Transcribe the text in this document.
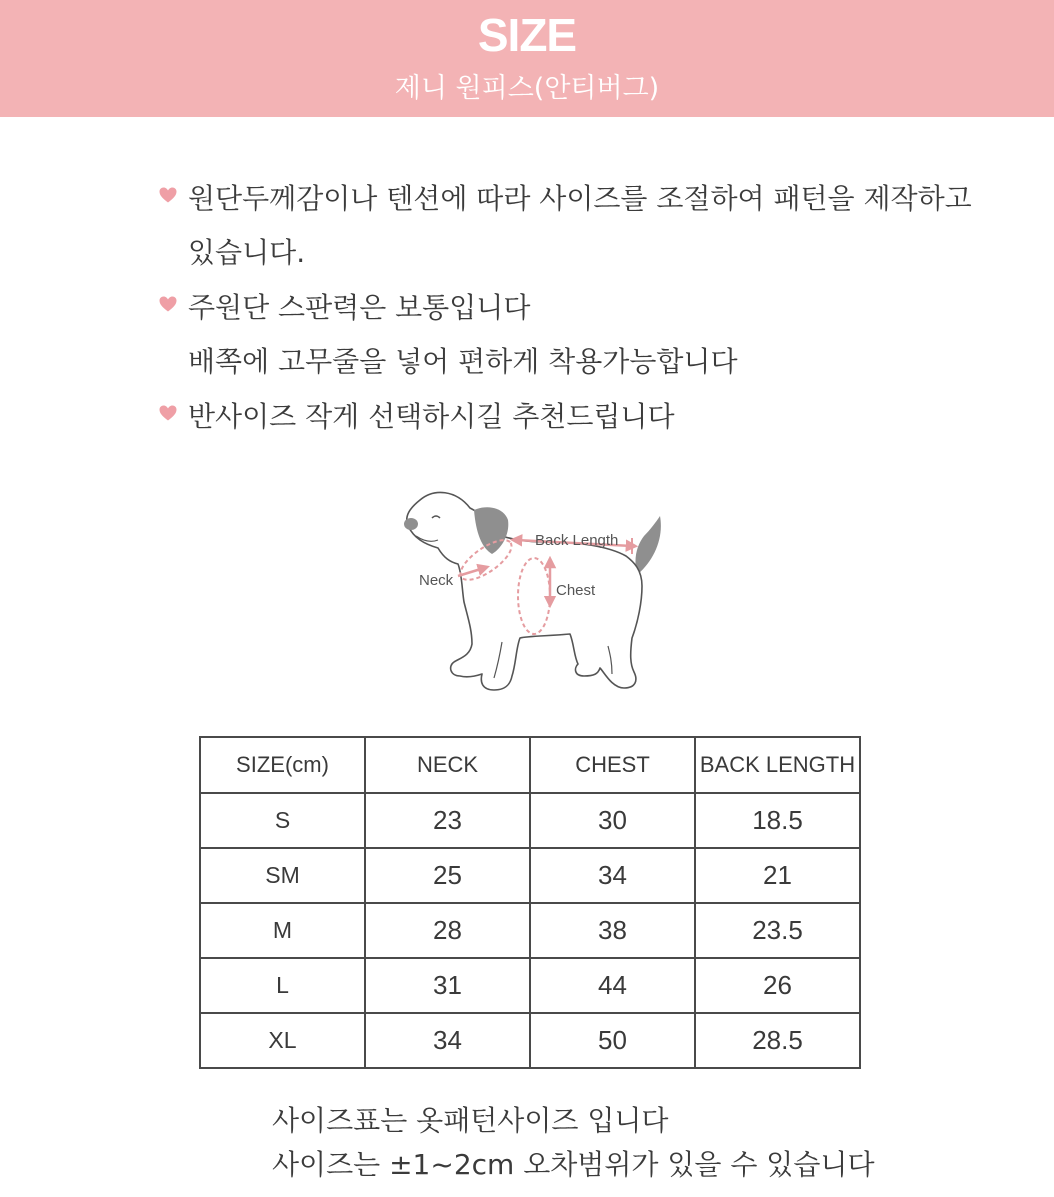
SIZE
제니 원피스(안티버그)
원단두께감이나 텐션에 따라 사이즈를 조절하여 패턴을 제작하고
있습니다.
주원단 스판력은 보통입니다
배쪽에 고무줄을 넣어 편하게 착용가능합니다
반사이즈 작게 선택하시길 추천드립니다
Back Length
Neck
Chest
SIZE(cm)	NECK	CHEST	BACK LENGTH
S	23	30	18.5
SM	25	34	21
M	28	38	23.5
L	31	44	26
XL	34	50	28.5
사이즈표는 옷패턴사이즈 입니다
사이즈는 ±1~2cm 오차범위가 있을 수 있습니다
